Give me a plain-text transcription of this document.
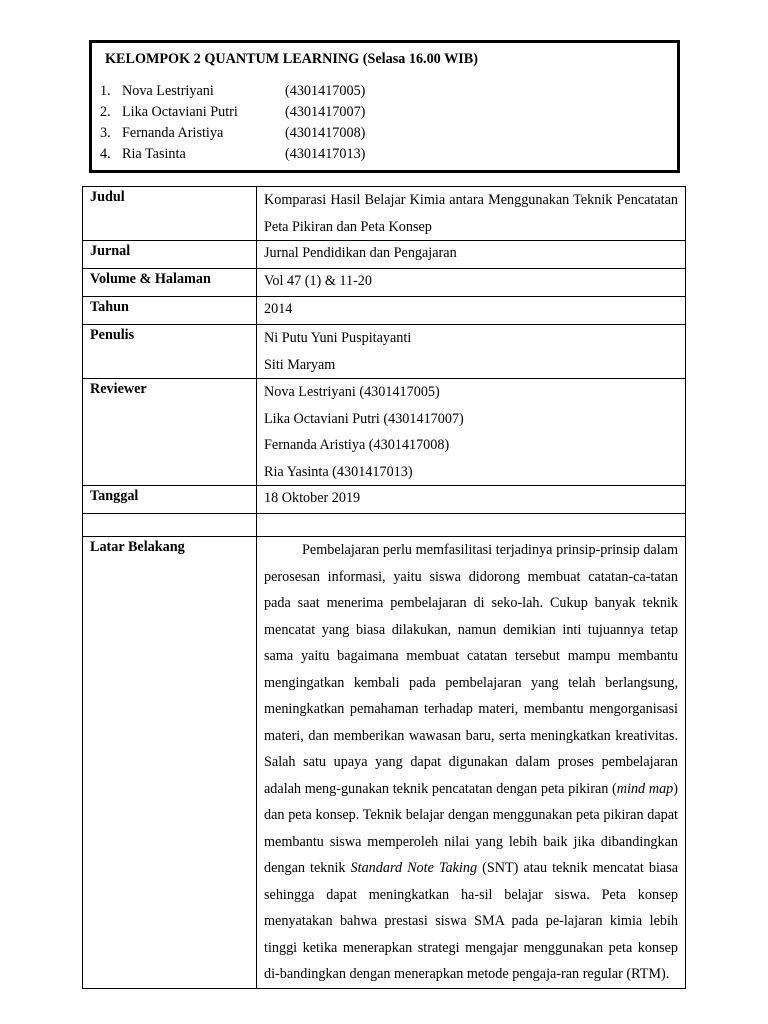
KELOMPOK 2 QUANTUM LEARNING (Selasa 16.00 WIB)
1. Nova Lestriyani	(4301417005)
2. Lika Octaviani Putri	(4301417007)
3. Fernanda Aristiya	(4301417008)
4. Ria Tasinta	(4301417013)
Judul	Komparasi Hasil Belajar Kimia antara Menggunakan Teknik Pencatatan Peta Pikiran dan Peta Konsep
Jurnal	Jurnal Pendidikan dan Pengajaran
Volume & Halaman	Vol 47 (1) & 11-20
Tahun	2014
Penulis	Ni Putu Yuni Puspitayanti
Siti Maryam

Reviewer	Nova Lestriyani (4301417005)
Lika Octaviani Putri (4301417007)
Fernanda Aristiya (4301417008)
Ria Yasinta (4301417013)

Tanggal	18 Oktober 2019

Latar Belakang	Pembelajaran perlu memfasilitasi terjadinya prinsip-prinsip dalam perosesan informasi, yaitu siswa didorong membuat catatan-ca-tatan pada saat menerima pembelajaran di seko-lah. Cukup banyak teknik mencatat yang biasa dilakukan, namun demikian inti tujuannya tetap sama yaitu bagaimana membuat catatan tersebut mampu membantu mengingatkan kembali pada pembelajaran yang telah berlangsung, meningkatkan pemahaman terhadap materi, membantu mengorganisasi materi, dan memberikan wawasan baru, serta meningkatkan kreativitas. Salah satu upaya yang dapat digunakan dalam proses pembelajaran adalah meng-gunakan teknik pencatatan dengan peta pikiran (mind map) dan peta konsep. Teknik belajar dengan menggunakan peta pikiran dapat membantu siswa memperoleh nilai yang lebih baik jika dibandingkan dengan teknik Standard Note Taking (SNT) atau teknik mencatat biasa sehingga dapat meningkatkan ha-sil belajar siswa. Peta konsep menyatakan bahwa prestasi siswa SMA pada pe-lajaran kimia lebih tinggi ketika menerapkan strategi mengajar menggunakan peta konsep di-bandingkan dengan menerapkan metode pengaja-ran regular (RTM).
